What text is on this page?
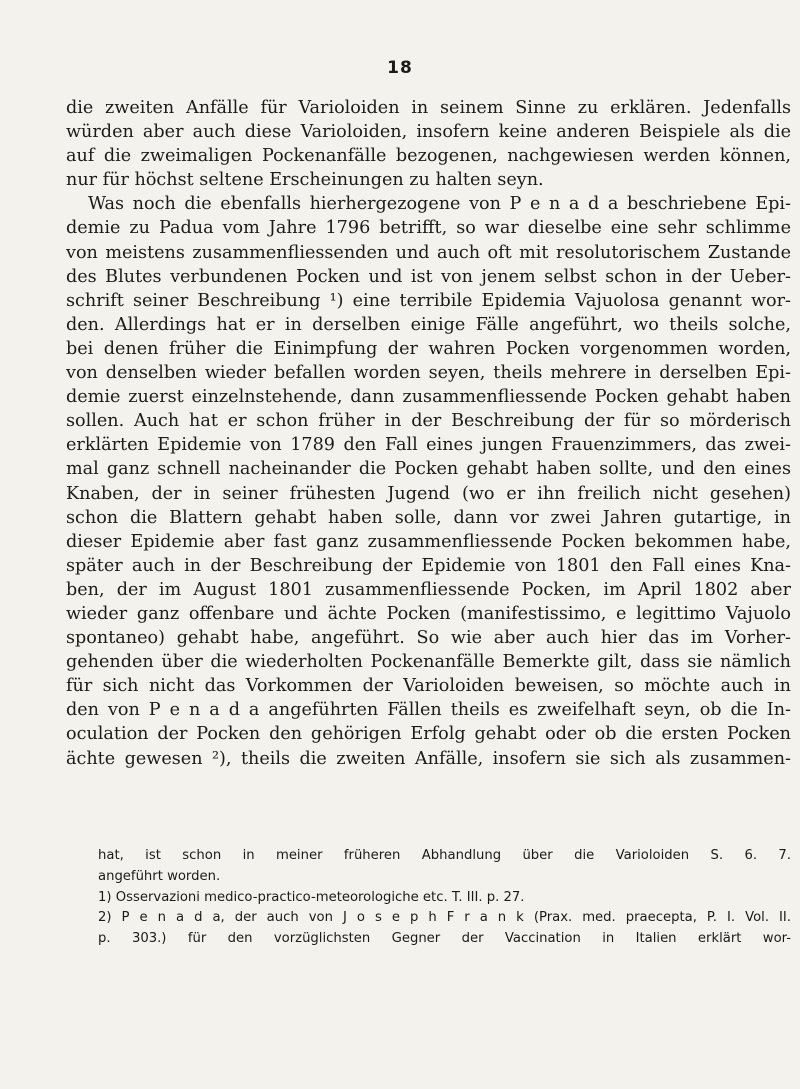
18
die zweiten Anfälle für Varioloiden in seinem Sinne zu erklären. Jedenfalls
würden aber auch diese Varioloiden, insofern keine anderen Beispiele als die
auf die zweimaligen Pockenanfälle bezogenen, nachgewiesen werden können,
nur für höchst seltene Erscheinungen zu halten seyn.
Was noch die ebenfalls hierhergezogene von P e n a d a beschriebene Epi-
demie zu Padua vom Jahre 1796 betrifft, so war dieselbe eine sehr schlimme
von meistens zusammenfliessenden und auch oft mit resolutorischem Zustande
des Blutes verbundenen Pocken und ist von jenem selbst schon in der Ueber-
schrift seiner Beschreibung ¹) eine terribile Epidemia Vajuolosa genannt wor-
den. Allerdings hat er in derselben einige Fälle angeführt, wo theils solche,
bei denen früher die Einimpfung der wahren Pocken vorgenommen worden,
von denselben wieder befallen worden seyen, theils mehrere in derselben Epi-
demie zuerst einzelnstehende, dann zusammenfliessende Pocken gehabt haben
sollen. Auch hat er schon früher in der Beschreibung der für so mörderisch
erklärten Epidemie von 1789 den Fall eines jungen Frauenzimmers, das zwei-
mal ganz schnell nacheinander die Pocken gehabt haben sollte, und den eines
Knaben, der in seiner frühesten Jugend (wo er ihn freilich nicht gesehen)
schon die Blattern gehabt haben solle, dann vor zwei Jahren gutartige, in
dieser Epidemie aber fast ganz zusammenfliessende Pocken bekommen habe,
später auch in der Beschreibung der Epidemie von 1801 den Fall eines Kna-
ben, der im August 1801 zusammenfliessende Pocken, im April 1802 aber
wieder ganz offenbare und ächte Pocken (manifestissimo, e legittimo Vajuolo
spontaneo) gehabt habe, angeführt. So wie aber auch hier das im Vorher-
gehenden über die wiederholten Pockenanfälle Bemerkte gilt, dass sie nämlich
für sich nicht das Vorkommen der Varioloiden beweisen, so möchte auch in
den von P e n a d a angeführten Fällen theils es zweifelhaft seyn, ob die In-
oculation der Pocken den gehörigen Erfolg gehabt oder ob die ersten Pocken
ächte gewesen ²), theils die zweiten Anfälle, insofern sie sich als zusammen-
hat, ist schon in meiner früheren Abhandlung über die Varioloiden S. 6. 7.
angeführt worden.
1) Osservazioni medico-practico-meteorologiche etc. T. III. p. 27.
2) P e n a d a, der auch von J o s e p h F r a n k (Prax. med. praecepta, P. I. Vol. II.
p. 303.) für den vorzüglichsten Gegner der Vaccination in Italien erklärt wor-
